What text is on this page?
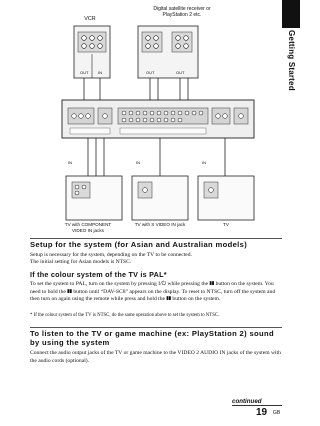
Getting Started
VCR
OUT IN
Digital satellite receiver or
PlayStation 2 etc.
OUT	OUT
IN	IN	IN
TV with COMPONENT
VIDEO IN jacks
TV with S VIDEO IN jack	TV
Setup for the system (for Asian and Australian models)
Setup is necessary for the system, depending on the TV to be connected.
The initial setting for Asian models is NTSC.
If the colour system of the TV is PAL*
To set the system to PAL, turn on the system by pressing I/⏻ while pressing the ❚❚ button on the system. You need to hold the ❚❚ button until “DAV-SC8” appears on the display. To reset to NTSC, turn off the system and then turn on again using the remote while press and hold the ❚❚ button on the system.
* If the colour system of the TV is NTSC, do the same operation above to set the system to NTSC.
To listen to the TV or game machine (ex: PlayStation 2) sound by using the system
Connect the audio output jacks of the TV or game machine to the VIDEO 2 AUDIO IN jacks of the system with the audio cords (optional).
continued
19 GB
